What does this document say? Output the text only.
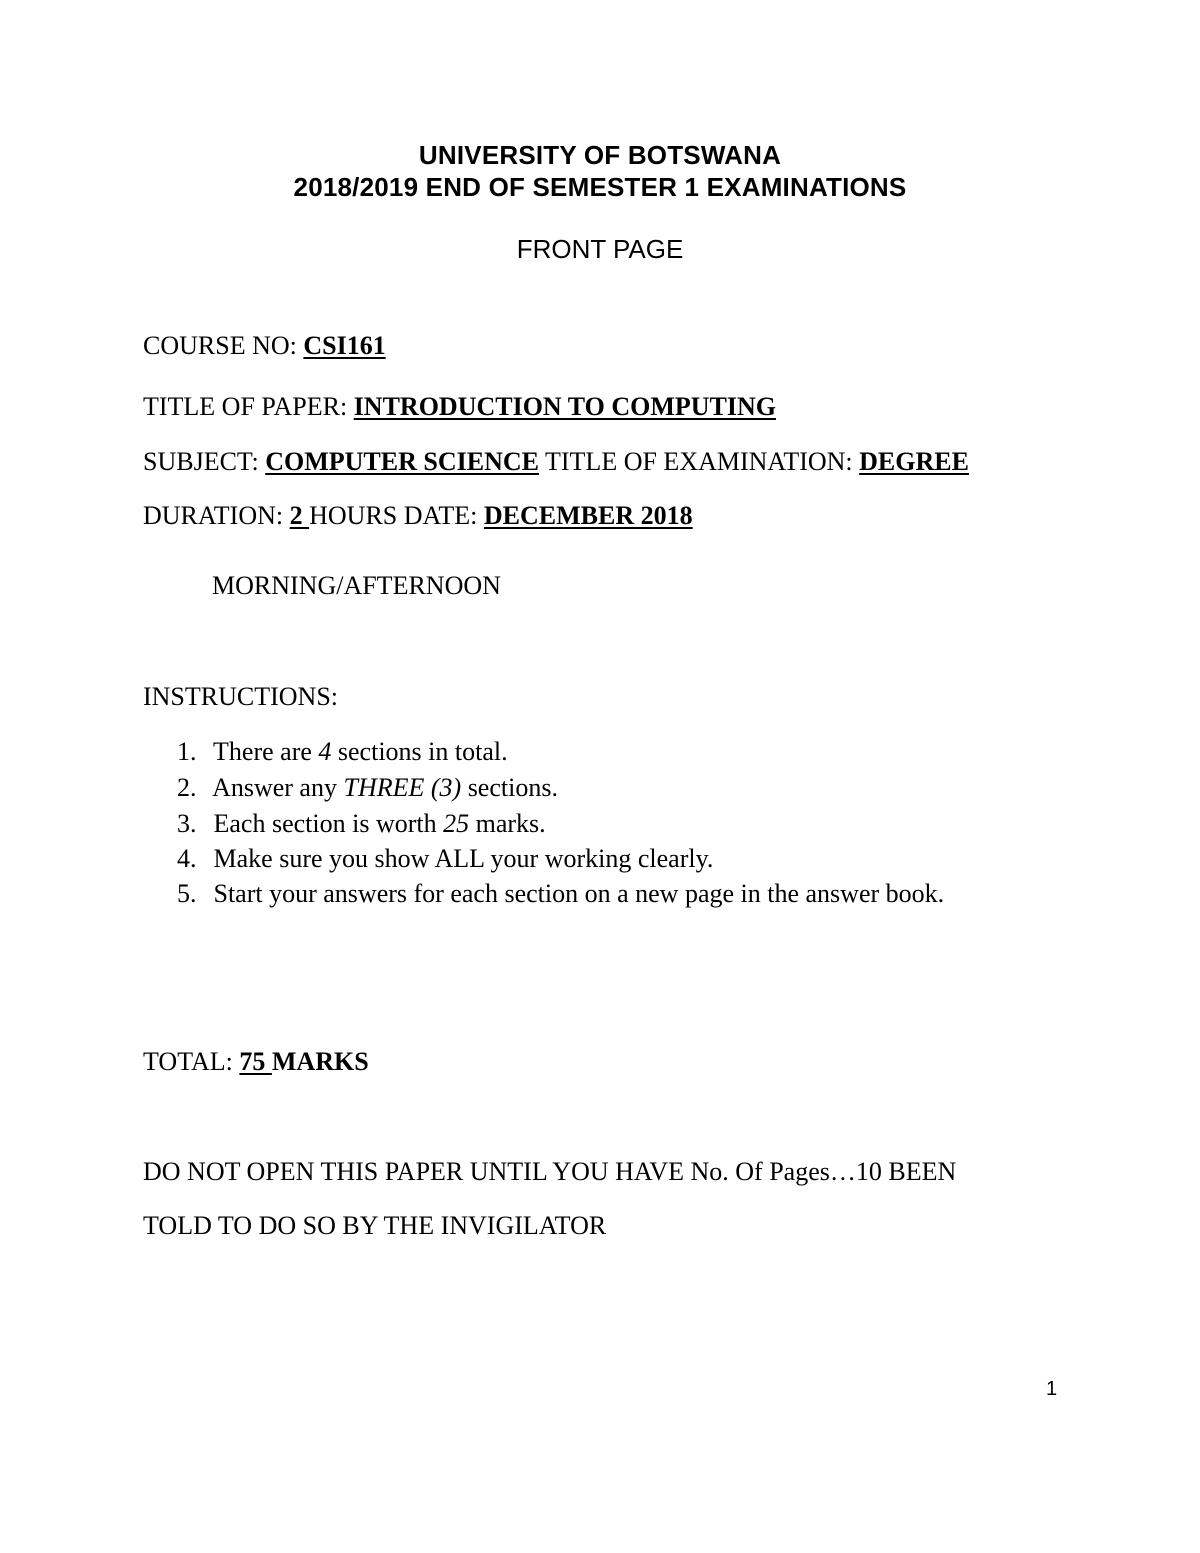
UNIVERSITY OF BOTSWANA
2018/2019 END OF SEMESTER 1 EXAMINATIONS
FRONT PAGE
COURSE NO: CSI161
TITLE OF PAPER: INTRODUCTION TO COMPUTING
SUBJECT: COMPUTER SCIENCE TITLE OF EXAMINATION: DEGREE
DURATION: 2 HOURS DATE: DECEMBER 2018
MORNING/AFTERNOON
INSTRUCTIONS:
1. There are 4 sections in total.
2. Answer any THREE (3) sections.
3. Each section is worth 25 marks.
4. Make sure you show ALL your working clearly.
5. Start your answers for each section on a new page in the answer book.
TOTAL: 75 MARKS
DO NOT OPEN THIS PAPER UNTIL YOU HAVE No. Of Pages…10 BEEN
TOLD TO DO SO BY THE INVIGILATOR
1
